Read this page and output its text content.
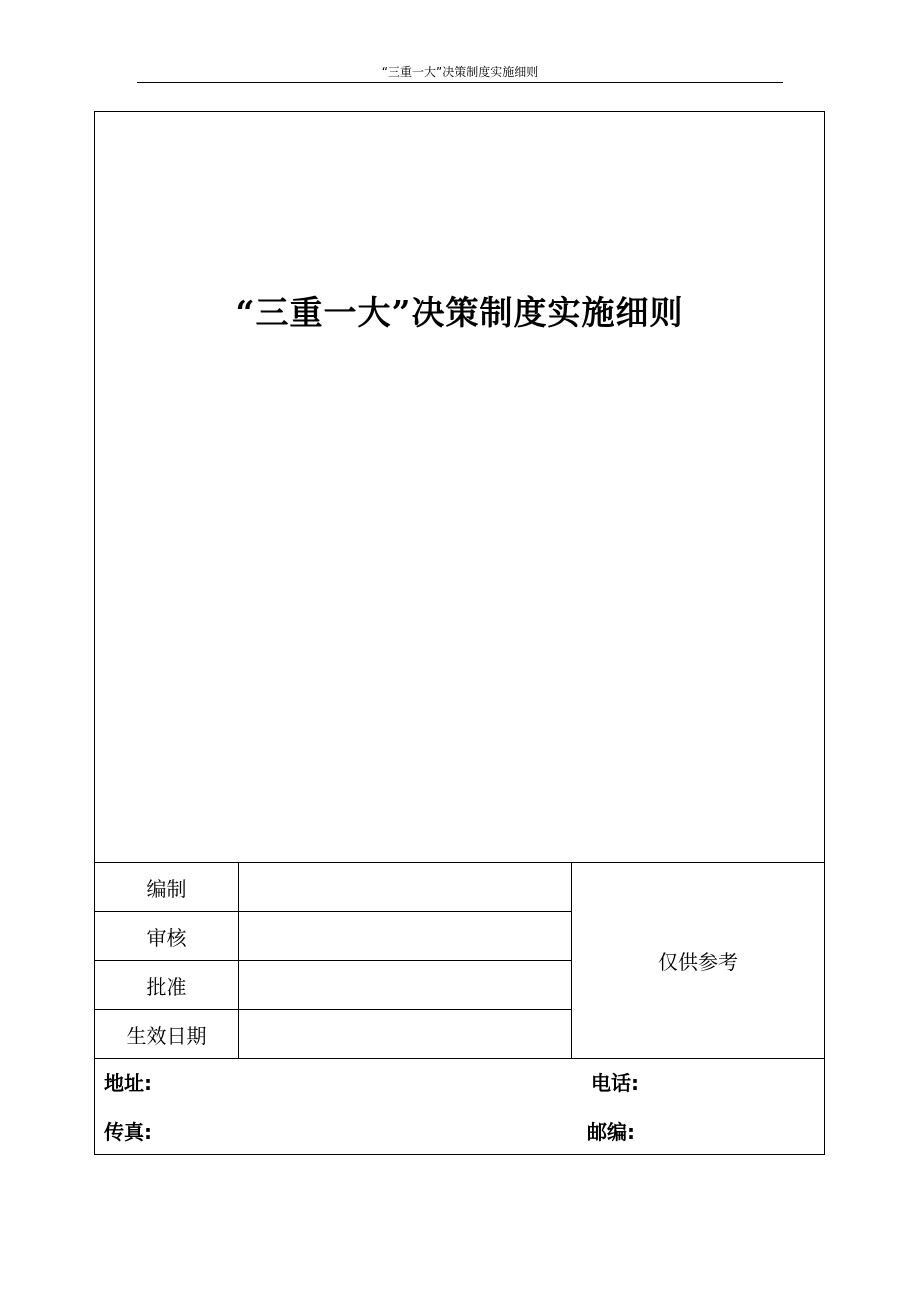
“三重一大”决策制度实施细则
“三重一大”决策制度实施细则
编制
审核
批准
生效日期
仅供参考
地址:	电话:
传真:	邮编:
